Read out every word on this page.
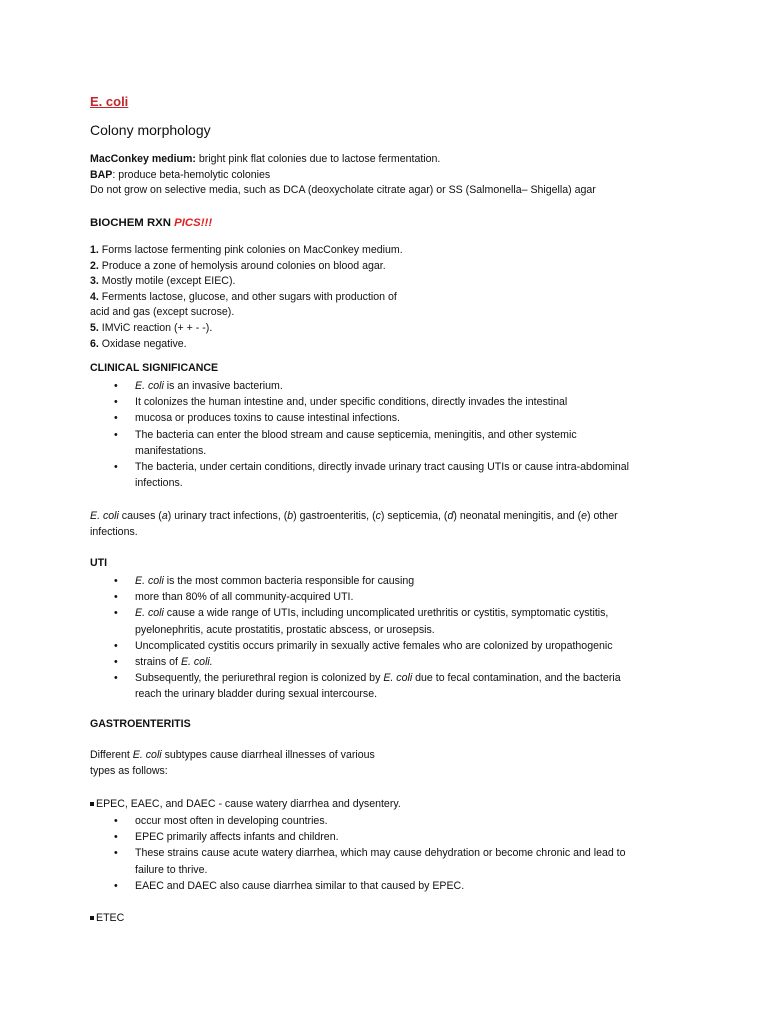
E. coli
Colony morphology

MacConkey medium: bright pink flat colonies due to lactose fermentation.

BAP: produce beta-hemolytic colonies

Do not grow on selective media, such as DCA (deoxycholate citrate agar) or SS (Salmonella– Shigella) agar

BIOCHEM RXN PICS!!!

1. Forms lactose fermenting pink colonies on MacConkey medium.

2. Produce a zone of hemolysis around colonies on blood agar.

3. Mostly motile (except EIEC).

4. Ferments lactose, glucose, and other sugars with production of

acid and gas (except sucrose).

5. IMViC reaction (+ + - -).

6. Oxidase negative.

CLINICAL SIGNIFICANCE
• E. coli is an invasive bacterium.
• It colonizes the human intestine and, under specific conditions, directly invades the intestinal
• mucosa or produces toxins to cause intestinal infections.
• The bacteria can enter the blood stream and cause septicemia, meningitis, and other systemic
manifestations.
• The bacteria, under certain conditions, directly invade urinary tract causing UTIs or cause intra-abdominal
infections.

E. coli causes (a) urinary tract infections, (b) gastroenteritis, (c) septicemia, (d) neonatal meningitis, and (e) other

infections.

UTI
• E. coli is the most common bacteria responsible for causing
• more than 80% of all community-acquired UTI.
• E. coli cause a wide range of UTIs, including uncomplicated urethritis or cystitis, symptomatic cystitis,
pyelonephritis, acute prostatitis, prostatic abscess, or urosepsis.
• Uncomplicated cystitis occurs primarily in sexually active females who are colonized by uropathogenic
• strains of E. coli.
• Subsequently, the periurethral region is colonized by E. coli due to fecal contamination, and the bacteria
reach the urinary bladder during sexual intercourse.
GASTROENTERITIS

Different E. coli subtypes cause diarrheal illnesses of various

types as follows:

EPEC, EAEC, and DAEC - cause watery diarrhea and dysentery.

• occur most often in developing countries.
• EPEC primarily affects infants and children.
• These strains cause acute watery diarrhea, which may cause dehydration or become chronic and lead to
failure to thrive.
• EAEC and DAEC also cause diarrhea similar to that caused by EPEC.

ETEC
